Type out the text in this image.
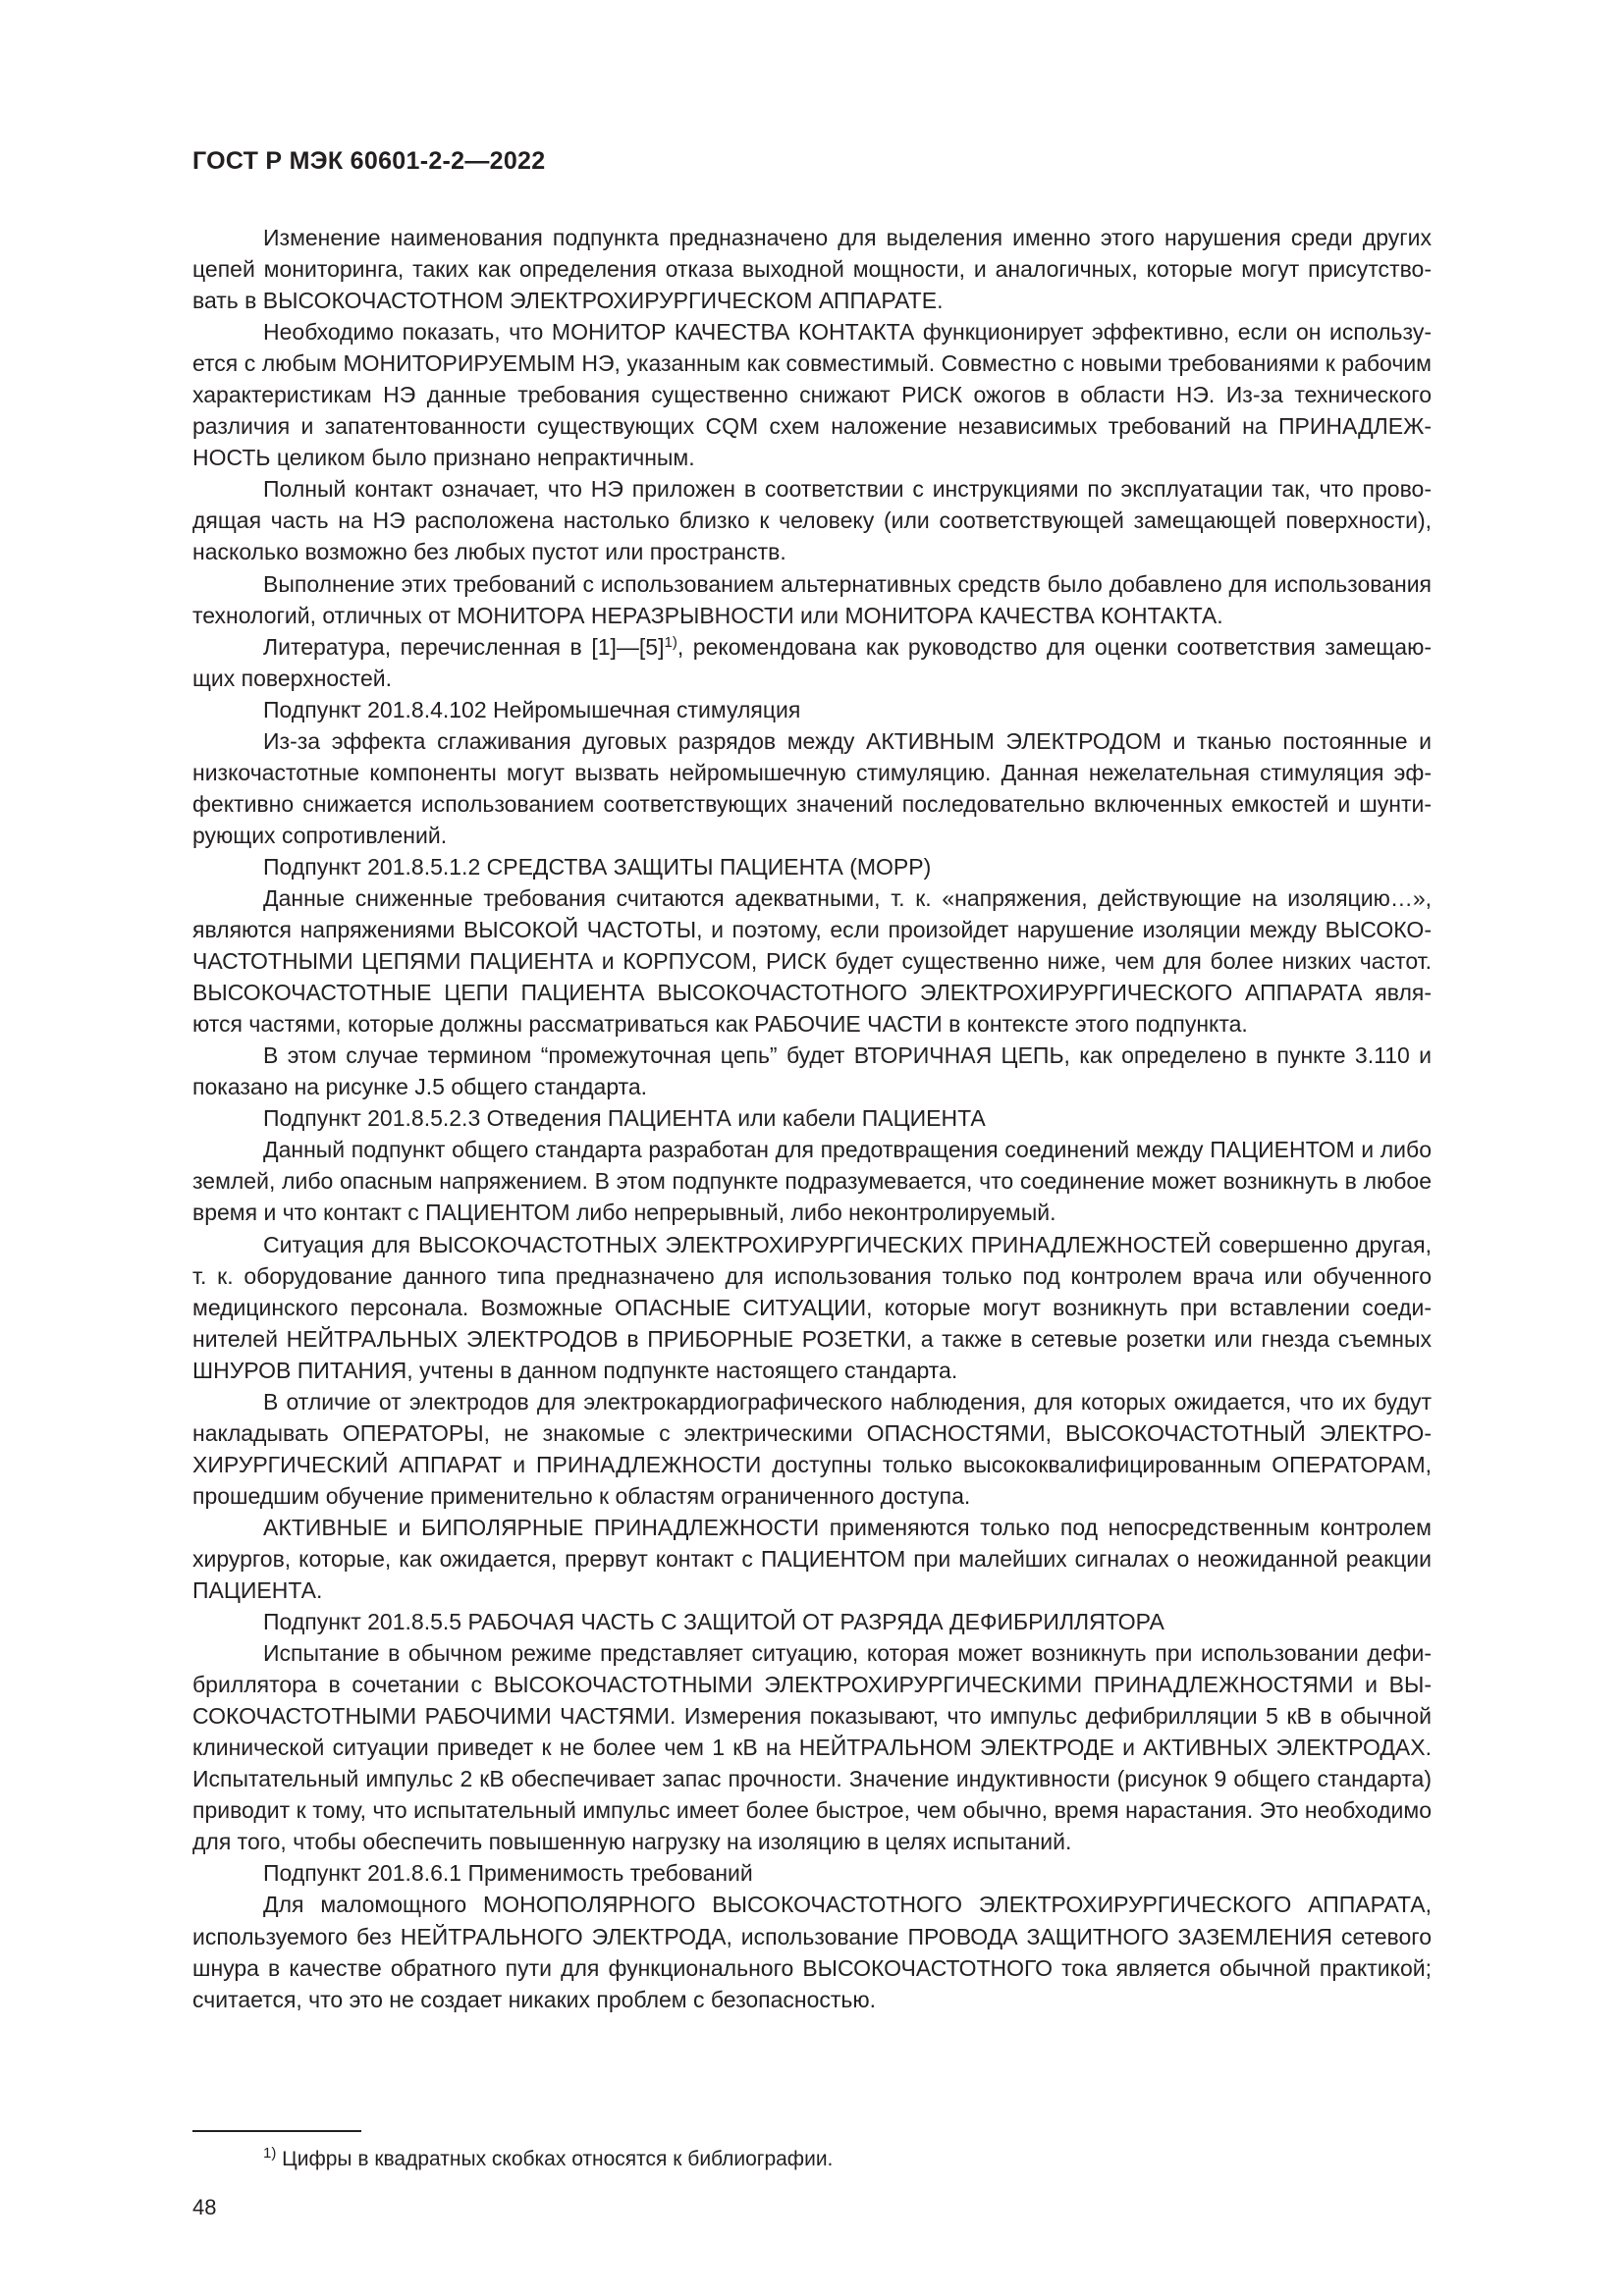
ГОСТ Р МЭК 60601-2-2—2022

Изменение наименования подпункта предназначено для выделения именно этого нарушения среди других цепей мониторинга, таких как определения отказа выходной мощности, и аналогичных, которые могут присутствовать в ВЫСОКОЧАСТОТНОМ ЭЛЕКТРОХИРУРГИЧЕСКОМ АППАРАТЕ.

Необходимо показать, что МОНИТОР КАЧЕСТВА КОНТАКТА функционирует эффективно, если он используется с любым МОНИТОРИРУЕМЫМ НЭ, указанным как совместимый. Совместно с новыми требованиями к рабочим характеристикам НЭ данные требования существенно снижают РИСК ожогов в области НЭ. Из-за технического различия и запатентованности существующих CQM схем наложение независимых требований на ПРИНАДЛЕЖНОСТЬ целиком было признано непрактичным.

Полный контакт означает, что НЭ приложен в соответствии с инструкциями по эксплуатации так, что проводящая часть на НЭ расположена настолько близко к человеку (или соответствующей замещающей поверхности), насколько возможно без любых пустот или пространств.

Выполнение этих требований с использованием альтернативных средств было добавлено для использования технологий, отличных от МОНИТОРА НЕРАЗРЫВНОСТИ или МОНИТОРА КАЧЕСТВА КОНТАКТА.

Литература, перечисленная в $[1]—[5]^{1)}$, рекомендована как руководство для оценки соответствия замещающих поверхностей.

Подпункт 201.8.4.102 Нейромышечная стимуляция

Из-за эффекта сглаживания дуговых разрядов между АКТИВНЫМ ЭЛЕКТРОДОМ и тканью постоянные и низкочастотные компоненты могут вызвать нейромышечную стимуляцию. Данная нежелательная стимуляция эффективно снижается использованием соответствующих значений последовательно включенных емкостей и шунтирующих сопротивлений.

Подпункт 201.8.5.1.2 СРЕДСТВА ЗАЩИТЫ ПАЦИЕНТА (MOPP)

Данные сниженные требования считаются адекватными, т. к. «напряжения, действующие на изоляцию…», являются напряжениями ВЫСОКОЙ ЧАСТОТЫ, и поэтому, если произойдет нарушение изоляции между ВЫСОКОЧАСТОТНЫМИ ЦЕПЯМИ ПАЦИЕНТА и КОРПУСОМ, РИСК будет существенно ниже, чем для более низких частот. ВЫСОКОЧАСТОТНЫЕ ЦЕПИ ПАЦИЕНТА ВЫСОКОЧАСТОТНОГО ЭЛЕКТРОХИРУРГИЧЕСКОГО АППАРАТА являются частями, которые должны рассматриваться как РАБОЧИЕ ЧАСТИ в контексте этого подпункта.

В этом случае термином “промежуточная цепь” будет ВТОРИЧНАЯ ЦЕПЬ, как определено в пункте 3.110 и показано на рисунке J.5 общего стандарта.

Подпункт 201.8.5.2.3 Отведения ПАЦИЕНТА или кабели ПАЦИЕНТА

Данный подпункт общего стандарта разработан для предотвращения соединений между ПАЦИЕНТОМ и либо землей, либо опасным напряжением. В этом подпункте подразумевается, что соединение может возникнуть в любое время и что контакт с ПАЦИЕНТОМ либо непрерывный, либо неконтролируемый.

Ситуация для ВЫСОКОЧАСТОТНЫХ ЭЛЕКТРОХИРУРГИЧЕСКИХ ПРИНАДЛЕЖНОСТЕЙ совершенно другая, т. к. оборудование данного типа предназначено для использования только под контролем врача или обученного медицинского персонала. Возможные ОПАСНЫЕ СИТУАЦИИ, которые могут возникнуть при вставлении соединителей НЕЙТРАЛЬНЫХ ЭЛЕКТРОДОВ в ПРИБОРНЫЕ РОЗЕТКИ, а также в сетевые розетки или гнезда съемных ШНУРОВ ПИТАНИЯ, учтены в данном подпункте настоящего стандарта.

В отличие от электродов для электрокардиографического наблюдения, для которых ожидается, что их будут накладывать ОПЕРАТОРЫ, не знакомые с электрическими ОПАСНОСТЯМИ, ВЫСОКОЧАСТОТНЫЙ ЭЛЕКТРОХИРУРГИЧЕСКИЙ АППАРАТ и ПРИНАДЛЕЖНОСТИ доступны только высококвалифицированным ОПЕРАТОРАМ, прошедшим обучение применительно к областям ограниченного доступа.

АКТИВНЫЕ и БИПОЛЯРНЫЕ ПРИНАДЛЕЖНОСТИ применяются только под непосредственным контролем хирургов, которые, как ожидается, прервут контакт с ПАЦИЕНТОМ при малейших сигналах о неожиданной реакции ПАЦИЕНТА.

Подпункт 201.8.5.5 РАБОЧАЯ ЧАСТЬ С ЗАЩИТОЙ ОТ РАЗРЯДА ДЕФИБРИЛЛЯТОРА

Испытание в обычном режиме представляет ситуацию, которая может возникнуть при использовании дефибриллятора в сочетании с ВЫСОКОЧАСТОТНЫМИ ЭЛЕКТРОХИРУРГИЧЕСКИМИ ПРИНАДЛЕЖНОСТЯМИ и ВЫСОКОЧАСТОТНЫМИ РАБОЧИМИ ЧАСТЯМИ. Измерения показывают, что импульс дефибрилляции 5 кВ в обычной клинической ситуации приведет к не более чем 1 кВ на НЕЙТРАЛЬНОМ ЭЛЕКТРОДЕ и АКТИВНЫХ ЭЛЕКТРОДАХ. Испытательный импульс 2 кВ обеспечивает запас прочности. Значение индуктивности (рисунок 9 общего стандарта) приводит к тому, что испытательный импульс имеет более быстрое, чем обычно, время нарастания. Это необходимо для того, чтобы обеспечить повышенную нагрузку на изоляцию в целях испытаний.

Подпункт 201.8.6.1 Применимость требований

Для маломощного МОНОПОЛЯРНОГО ВЫСОКОЧАСТОТНОГО ЭЛЕКТРОХИРУРГИЧЕСКОГО АППАРАТА, используемого без НЕЙТРАЛЬНОГО ЭЛЕКТРОДА, использование ПРОВОДА ЗАЩИТНОГО ЗАЗЕМЛЕНИЯ сетевого шнура в качестве обратного пути для функционального ВЫСОКОЧАСТОТНОГО тока является обычной практикой; считается, что это не создает никаких проблем с безопасностью.

$^{1)}$ Цифры в квадратных скобках относятся к библиографии.
48
